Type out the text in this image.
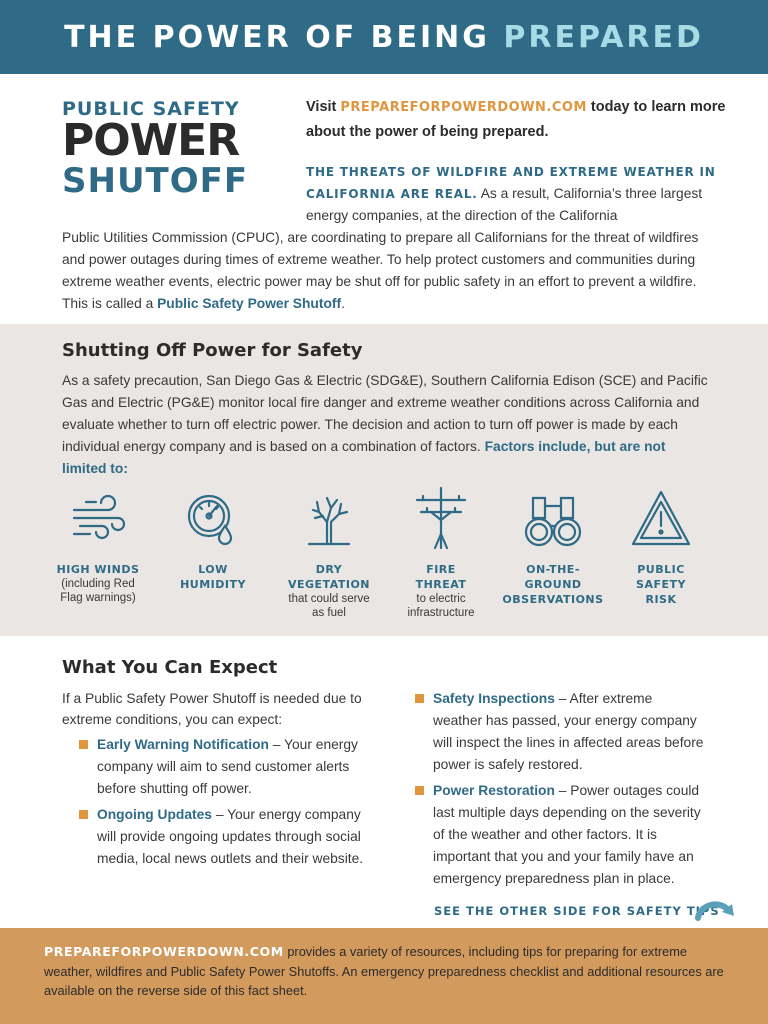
THE POWER OF BEING PREPARED
PUBLIC SAFETY
POWER
SHUTOFF
Visit PREPAREFORPOWERDOWN.COM today to learn more about the power of being prepared.
THE THREATS OF WILDFIRE AND EXTREME WEATHER IN CALIFORNIA ARE REAL. As a result, California’s three largest energy companies, at the direction of the California
Public Utilities Commission (CPUC), are coordinating to prepare all Californians for the threat of wildfires and power outages during times of extreme weather. To help protect customers and communities during extreme weather events, electric power may be shut off for public safety in an effort to prevent a wildfire. This is called a Public Safety Power Shutoff.
Shutting Off Power for Safety
As a safety precaution, San Diego Gas & Electric (SDG&E), Southern California Edison (SCE) and Pacific Gas and Electric (PG&E) monitor local fire danger and extreme weather conditions across California and evaluate whether to turn off electric power. The decision and action to turn off power is made by each individual energy company and is based on a combination of factors. Factors include, but are not limited to:
HIGH WINDS
(including Red
Flag warnings)
LOW
HUMIDITY
DRY
VEGETATION
that could serve
as fuel
FIRE
THREAT
to electric
infrastructure
ON-THE-
GROUND
OBSERVATIONS
PUBLIC
SAFETY
RISK
What You Can Expect
If a Public Safety Power Shutoff is needed due to extreme conditions, you can expect:
Early Warning Notification – Your energy company will aim to send customer alerts before shutting off power.
Ongoing Updates – Your energy company will provide ongoing updates through social media, local news outlets and their website.
Safety Inspections – After extreme weather has passed, your energy company will inspect the lines in affected areas before power is safely restored.
Power Restoration – Power outages could last multiple days depending on the severity of the weather and other factors. It is important that you and your family have an emergency preparedness plan in place.
SEE THE OTHER SIDE FOR SAFETY TIPS
PREPAREFORPOWERDOWN.COM provides a variety of resources, including tips for preparing for extreme weather, wildfires and Public Safety Power Shutoffs. An emergency preparedness checklist and additional resources are available on the reverse side of this fact sheet.
